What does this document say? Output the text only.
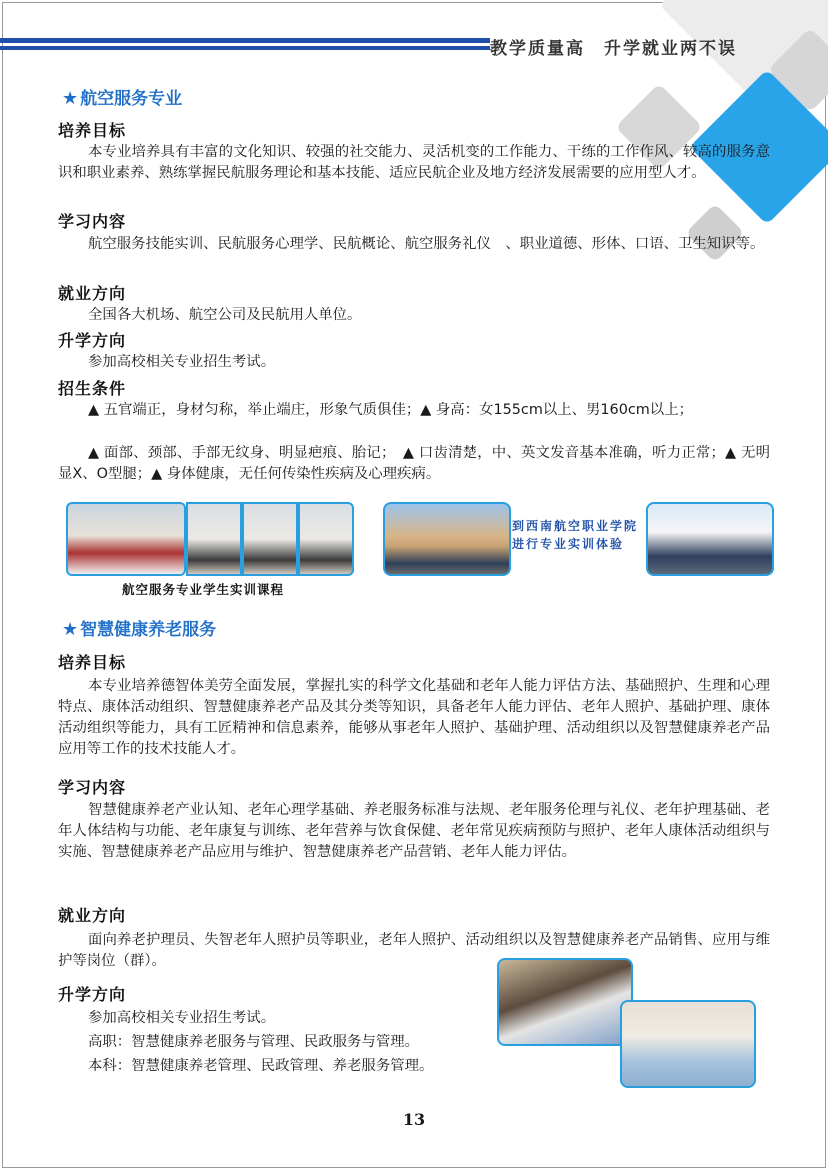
教学质量高　升学就业两不误
★ 航空服务专业
培养目标

本专业培养具有丰富的文化知识、较强的社交能力、灵活机变的工作能力、干练的工作作风、较高的服务意识和职业素养、熟练掌握民航服务理论和基本技能、适应民航企业及地方经济发展需要的应用型人才。

学习内容

航空服务技能实训、民航服务心理学、民航概论、航空服务礼仪　、职业道德、形体、口语、卫生知识等。

就业方向

全国各大机场、航空公司及民航用人单位。

升学方向

参加高校相关专业招生考试。

招生条件

▲ 五官端正，身材匀称，举止端庄，形象气质俱佳；▲ 身高：女155cm以上、男160cm以上；

▲ 面部、颈部、手部无纹身、明显疤痕、胎记；　▲ 口齿清楚，中、英文发音基本准确，听力正常；▲ 无明显X、O型腿；▲ 身体健康，无任何传染性疾病及心理疾病。

航空服务专业学生实训课程
到西南航空职业学院
进行专业实训体验
★ 智慧健康养老服务
培养目标

本专业培养德智体美劳全面发展，掌握扎实的科学文化基础和老年人能力评估方法、基础照护、生理和心理特点、康体活动组织、智慧健康养老产品及其分类等知识，具备老年人能力评估、老年人照护、基础护理、康体活动组织等能力，具有工匠精神和信息素养，能够从事老年人照护、基础护理、活动组织以及智慧健康养老产品应用等工作的技术技能人才。

学习内容

智慧健康养老产业认知、老年心理学基础、养老服务标准与法规、老年服务伦理与礼仪、老年护理基础、老年人体结构与功能、老年康复与训练、老年营养与饮食保健、老年常见疾病预防与照护、老年人康体活动组织与实施、智慧健康养老产品应用与维护、智慧健康养老产品营销、老年人能力评估。

就业方向

面向养老护理员、失智老年人照护员等职业，老年人照护、活动组织以及智慧健康养老产品销售、应用与维护等岗位（群）。

升学方向

参加高校相关专业招生考试。

高职：智慧健康养老服务与管理、民政服务与管理。

本科：智慧健康养老管理、民政管理、养老服务管理。

13
